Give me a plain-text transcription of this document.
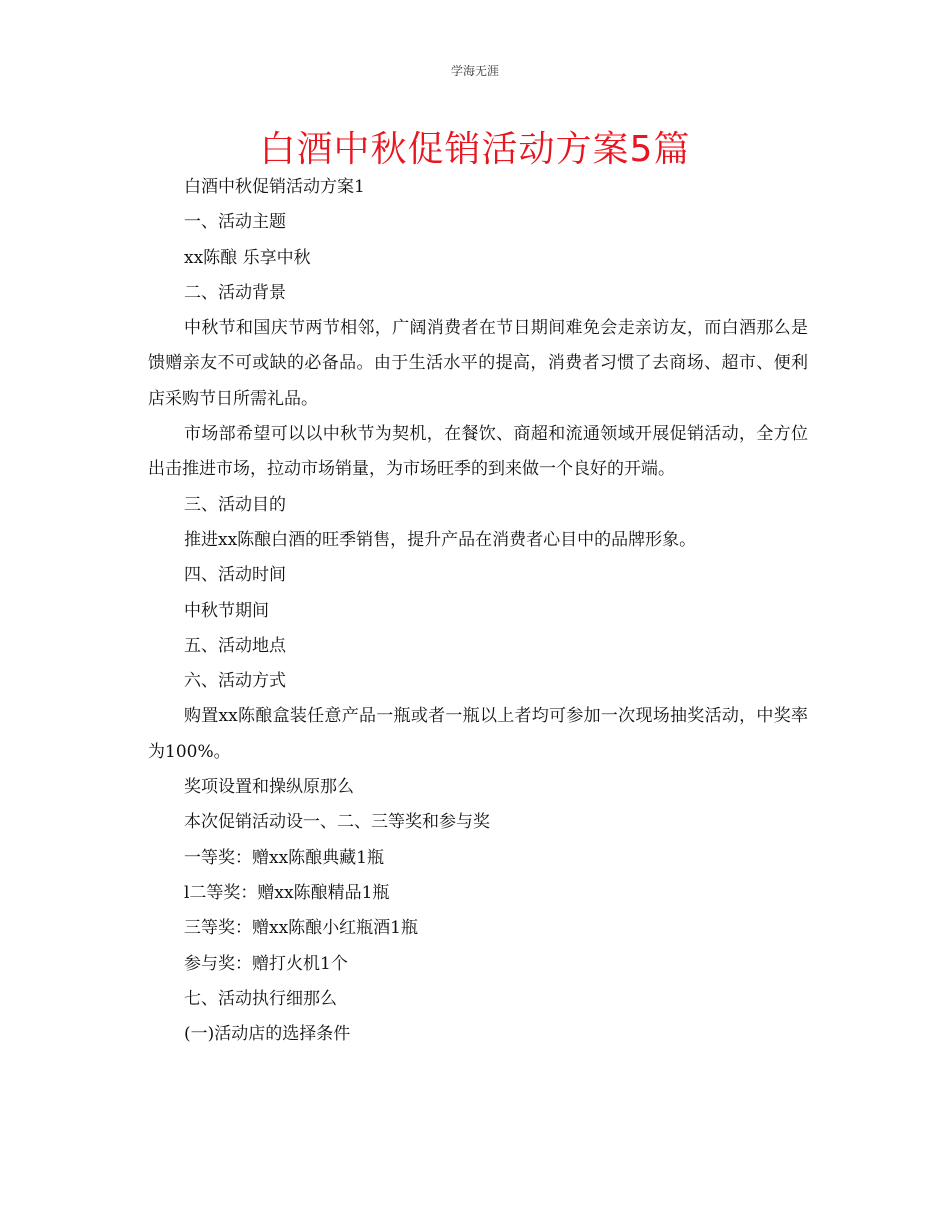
学海无涯
白酒中秋促销活动方案5篇

白酒中秋促销活动方案1

一、活动主题

xx陈酿 乐享中秋

二、活动背景

中秋节和国庆节两节相邻，广阔消费者在节日期间难免会走亲访友，而白酒那么是馈赠亲友不可或缺的必备品。由于生活水平的提高，消费者习惯了去商场、超市、便利店采购节日所需礼品。

市场部希望可以以中秋节为契机，在餐饮、商超和流通领域开展促销活动，全方位出击推进市场，拉动市场销量，为市场旺季的到来做一个良好的开端。

三、活动目的

推进xx陈酿白酒的旺季销售，提升产品在消费者心目中的品牌形象。

四、活动时间

中秋节期间

五、活动地点

六、活动方式

购置xx陈酿盒装任意产品一瓶或者一瓶以上者均可参加一次现场抽奖活动，中奖率为100%。

奖项设置和操纵原那么

本次促销活动设一、二、三等奖和参与奖

一等奖：赠xx陈酿典藏1瓶

l二等奖：赠xx陈酿精品1瓶

三等奖：赠xx陈酿小红瓶酒1瓶

参与奖：赠打火机1个

七、活动执行细那么

(一)活动店的选择条件
